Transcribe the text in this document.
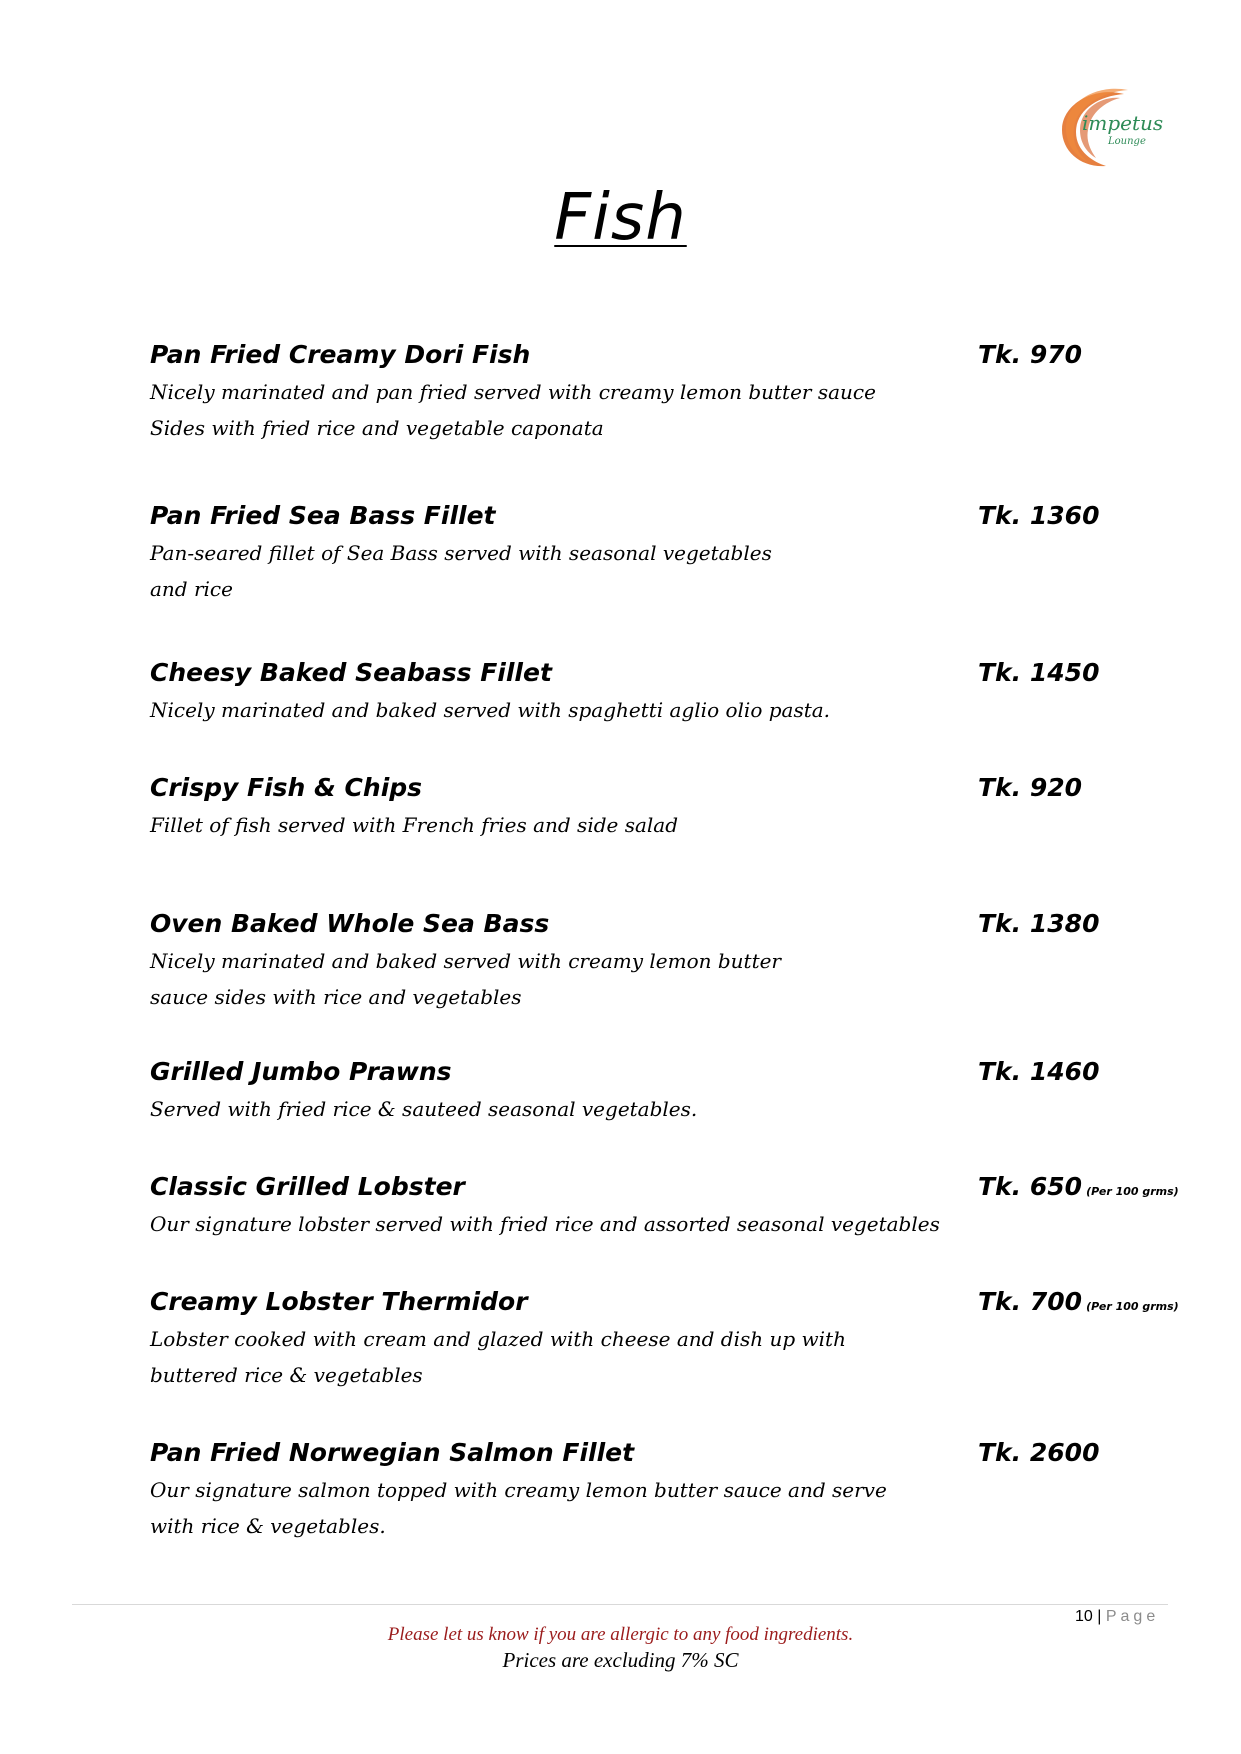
impetus
Lounge
Fish
Pan Fried Creamy Dori Fish	Tk. 970
Nicely marinated and pan fried served with creamy lemon butter sauce
Sides with fried rice and vegetable caponata
Pan Fried Sea Bass Fillet	Tk. 1360
Pan-seared fillet of Sea Bass served with seasonal vegetables
and rice
Cheesy Baked Seabass Fillet	Tk. 1450
Nicely marinated and baked served with spaghetti aglio olio pasta.
Crispy Fish & Chips	Tk. 920
Fillet of fish served with French fries and side salad
Oven Baked Whole Sea Bass	Tk. 1380
Nicely marinated and baked served with creamy lemon butter
sauce sides with rice and vegetables
Grilled Jumbo Prawns	Tk. 1460
Served with fried rice & sauteed seasonal vegetables.
Classic Grilled Lobster	Tk. 650 (Per 100 grms)
Our signature lobster served with fried rice and assorted seasonal vegetables
Creamy Lobster Thermidor	Tk. 700 (Per 100 grms)
Lobster cooked with cream and glazed with cheese and dish up with
buttered rice & vegetables
Pan Fried Norwegian Salmon Fillet	Tk. 2600
Our signature salmon topped with creamy lemon butter sauce and serve
with rice & vegetables.
10 | Page
Please let us know if you are allergic to any food ingredients.
Prices are excluding 7% SC
